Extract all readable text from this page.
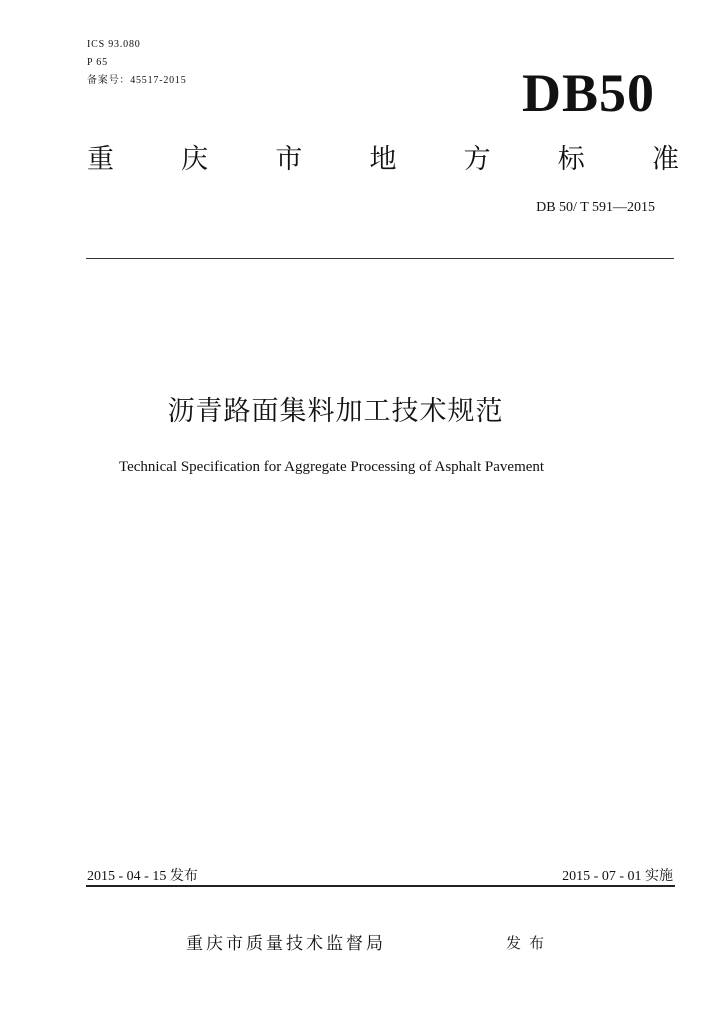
ICS 93.080
P 65
备案号：45517-2015	DB50
重 庆 市 地 方 标 准
DB 50/ T 591—2015
沥青路面集料加工技术规范
Technical Specification for Aggregate Processing of Asphalt Pavement
2015 - 04 - 15 发布	2015 - 07 - 01 实施
重庆市质量技术监督局	发布
